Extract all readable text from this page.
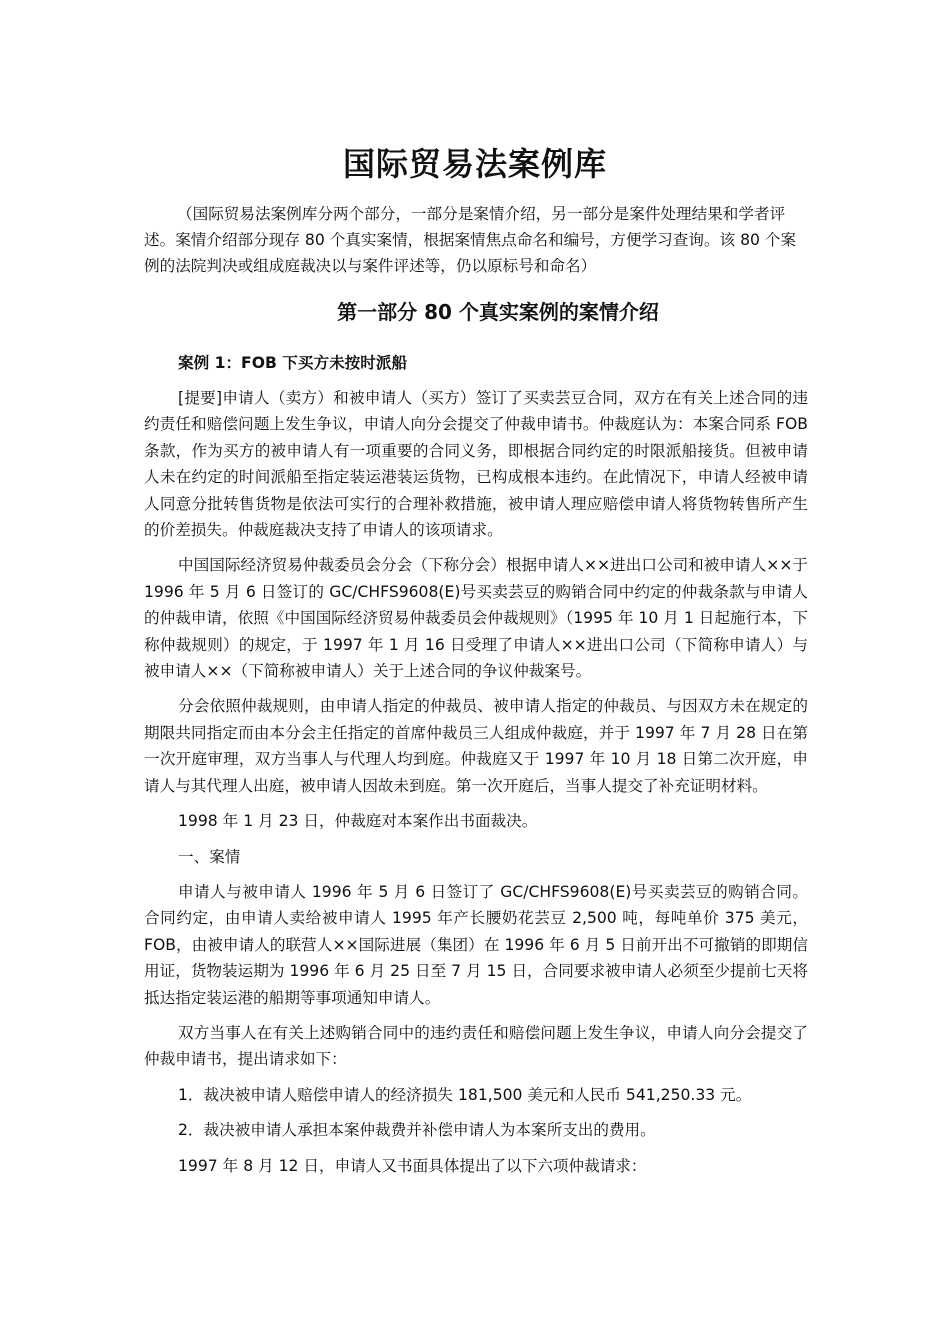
国际贸易法案例库

（国际贸易法案例库分两个部分，一部分是案情介绍，另一部分是案件处理结果和学者评述。案情介绍部分现存 80 个真实案情，根据案情焦点命名和编号，方便学习查询。该 80 个案例的法院判决或组成庭裁决以与案件评述等，仍以原标号和命名）

第一部分 80 个真实案例的案情介绍
案例 1：FOB 下买方未按时派船

[提要]申请人（卖方）和被申请人（买方）签订了买卖芸豆合同，双方在有关上述合同的违约责任和赔偿问题上发生争议，申请人向分会提交了仲裁申请书。仲裁庭认为：本案合同系 FOB 条款，作为买方的被申请人有一项重要的合同义务，即根据合同约定的时限派船接货。但被申请人未在约定的时间派船至指定装运港装运货物，已构成根本违约。在此情况下，申请人经被申请人同意分批转售货物是依法可实行的合理补救措施，被申请人理应赔偿申请人将货物转售所产生的价差损失。仲裁庭裁决支持了申请人的该项请求。

中国国际经济贸易仲裁委员会分会（下称分会）根据申请人××进出口公司和被申请人××于 1996 年 5 月 6 日签订的 GC/CHFS9608(E)号买卖芸豆的购销合同中约定的仲裁条款与申请人的仲裁申请，依照《中国国际经济贸易仲裁委员会仲裁规则》（1995 年 10 月 1 日起施行本，下称仲裁规则）的规定，于 1997 年 1 月 16 日受理了申请人××进出口公司（下简称申请人）与被申请人××（下简称被申请人）关于上述合同的争议仲裁案号。

分会依照仲裁规则，由申请人指定的仲裁员、被申请人指定的仲裁员、与因双方未在规定的期限共同指定而由本分会主任指定的首席仲裁员三人组成仲裁庭，并于 1997 年 7 月 28 日在第一次开庭审理，双方当事人与代理人均到庭。仲裁庭又于 1997 年 10 月 18 日第二次开庭，申请人与其代理人出庭，被申请人因故未到庭。第一次开庭后，当事人提交了补充证明材料。

1998 年 1 月 23 日，仲裁庭对本案作出书面裁决。

一、案情

申请人与被申请人 1996 年 5 月 6 日签订了 GC/CHFS9608(E)号买卖芸豆的购销合同。合同约定，由申请人卖给被申请人 1995 年产长腰奶花芸豆 2,500 吨，每吨单价 375 美元，FOB，由被申请人的联营人××国际进展（集团）在 1996 年 6 月 5 日前开出不可撤销的即期信用证，货物装运期为 1996 年 6 月 25 日至 7 月 15 日，合同要求被申请人必须至少提前七天将抵达指定装运港的船期等事项通知申请人。

双方当事人在有关上述购销合同中的违约责任和赔偿问题上发生争议，申请人向分会提交了仲裁申请书，提出请求如下：

1．裁决被申请人赔偿申请人的经济损失 181,500 美元和人民币 541,250.33 元。

2．裁决被申请人承担本案仲裁费并补偿申请人为本案所支出的费用。

1997 年 8 月 12 日，申请人又书面具体提出了以下六项仲裁请求：
